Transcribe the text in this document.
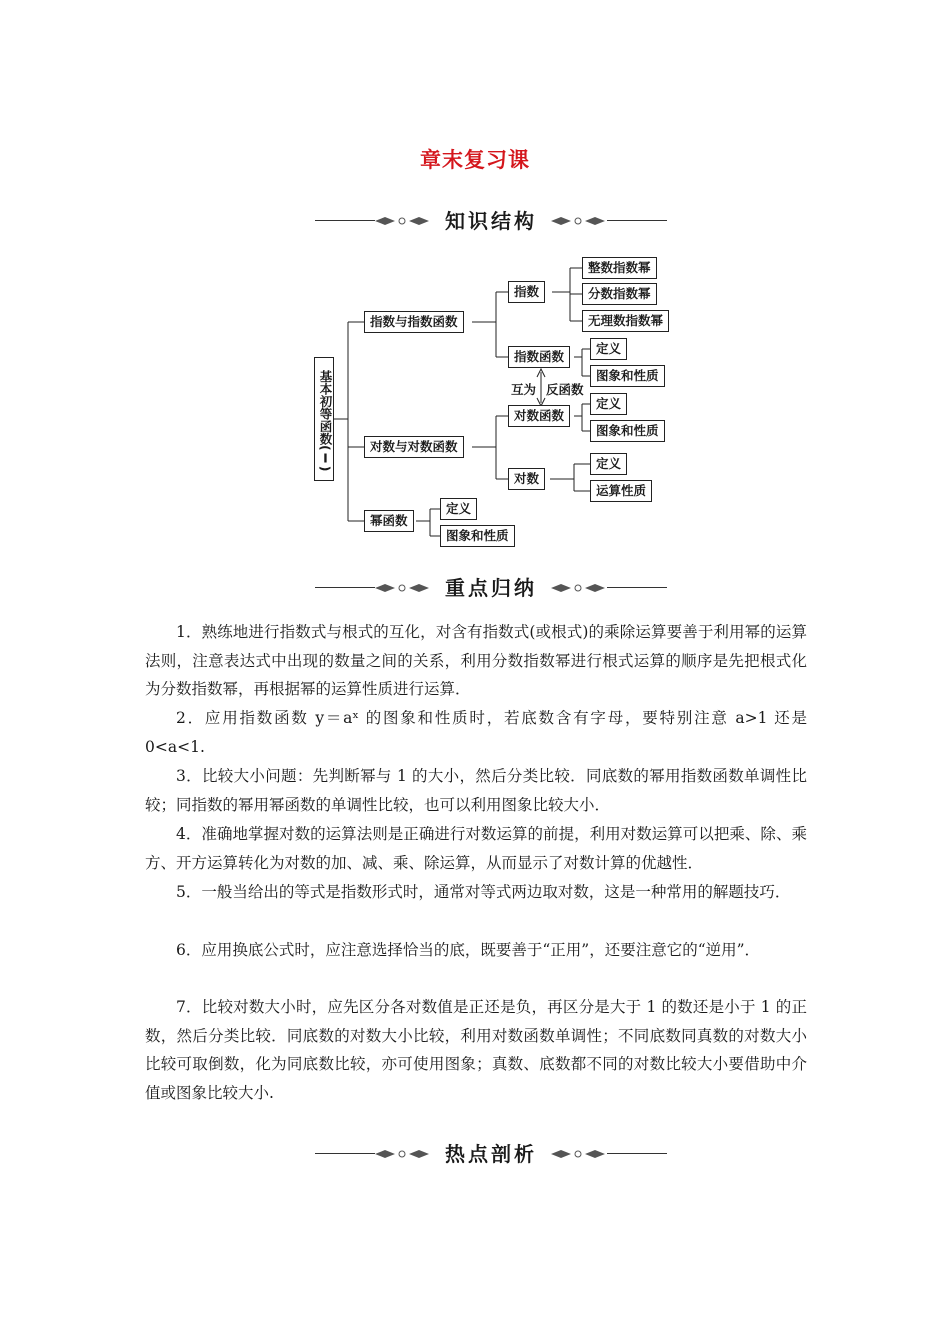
章末复习课
知识结构
基本初等函数(Ⅰ)
指数与指数函数
对数与对数函数
幂函数
指数
整数指数幂
分数指数幂
无理数指数幂
指数函数
定义
图象和性质
互为 反函数
对数函数
定义
图象和性质
对数
定义
运算性质
定义
图象和性质
重点归纳

1．熟练地进行指数式与根式的互化，对含有指数式(或根式)的乘除运算要善于利用幂的运算法则，注意表达式中出现的数量之间的关系，利用分数指数幂进行根式运算的顺序是先把根式化为分数指数幂，再根据幂的运算性质进行运算．

2．应用指数函数 y＝aˣ 的图象和性质时，若底数含有字母，要特别注意 a>1 还是 0<a<1.

3．比较大小问题：先判断幂与 1 的大小，然后分类比较．同底数的幂用指数函数单调性比较；同指数的幂用幂函数的单调性比较，也可以利用图象比较大小．

4．准确地掌握对数的运算法则是正确进行对数运算的前提，利用对数运算可以把乘、除、乘方、开方运算转化为对数的加、减、乘、除运算，从而显示了对数计算的优越性．

5．一般当给出的等式是指数形式时，通常对等式两边取对数，这是一种常用的解题技巧．

6．应用换底公式时，应注意选择恰当的底，既要善于“正用”，还要注意它的“逆用”．

7．比较对数大小时，应先区分各对数值是正还是负，再区分是大于 1 的数还是小于 1 的正数，然后分类比较．同底数的对数大小比较，利用对数函数单调性；不同底数同真数的对数大小比较可取倒数，化为同底数比较，亦可使用图象；真数、底数都不同的对数比较大小要借助中介值或图象比较大小.

热点剖析
